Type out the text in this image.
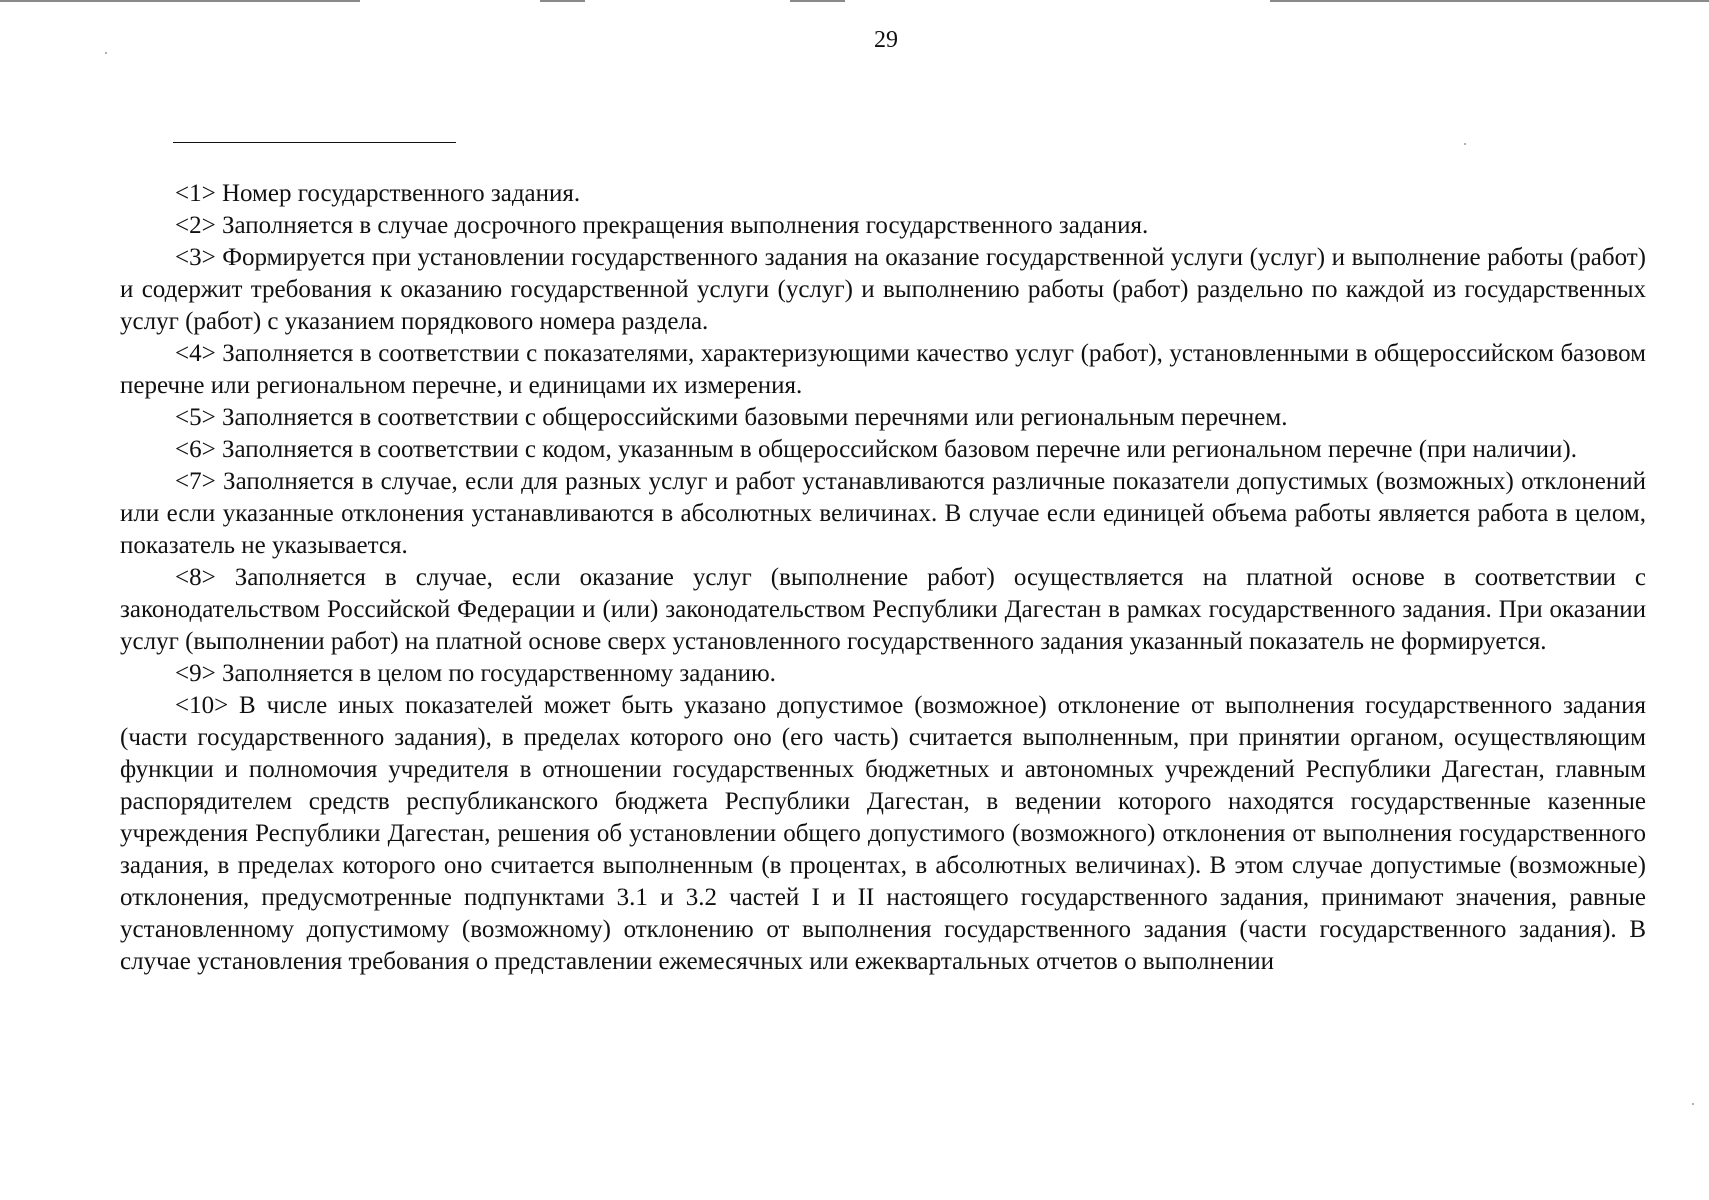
29

<1> Номер государственного задания.

<2> Заполняется в случае досрочного прекращения выполнения государственного задания.

<3> Формируется при установлении государственного задания на оказание государственной услуги (услуг) и выполнение работы (работ) и содержит требования к оказанию государственной услуги (услуг) и выполнению работы (работ) раздельно по каждой из государственных услуг (работ) с указанием порядкового номера раздела.

<4> Заполняется в соответствии с показателями, характеризующими качество услуг (работ), установленными в общероссийском базовом перечне или региональном перечне, и единицами их измерения.

<5> Заполняется в соответствии с общероссийскими базовыми перечнями или региональным перечнем.

<6> Заполняется в соответствии с кодом, указанным в общероссийском базовом перечне или региональном перечне (при наличии).

<7> Заполняется в случае, если для разных услуг и работ устанавливаются различные показатели допустимых (возможных) отклонений или если указанные отклонения устанавливаются в абсолютных величинах. В случае если единицей объема работы является работа в целом, показатель не указывается.

<8> Заполняется в случае, если оказание услуг (выполнение работ) осуществляется на платной основе в соответствии с законодательством Российской Федерации и (или) законодательством Республики Дагестан в рамках государственного задания. При оказании услуг (выполнении работ) на платной основе сверх установленного государственного задания указанный показатель не формируется.

<9> Заполняется в целом по государственному заданию.

<10> В числе иных показателей может быть указано допустимое (возможное) отклонение от выполнения государственного задания (части государственного задания), в пределах которого оно (его часть) считается выполненным, при принятии органом, осуществляющим функции и полномочия учредителя в отношении государственных бюджетных и автономных учреждений Республики Дагестан, главным распорядителем средств республиканского бюджета Республики Дагестан, в ведении которого находятся государственные казенные учреждения Республики Дагестан, решения об установлении общего допустимого (возможного) отклонения от выполнения государственного задания, в пределах которого оно считается выполненным (в процентах, в абсолютных величинах). В этом случае допустимые (возможные) отклонения, предусмотренные подпунктами 3.1 и 3.2 частей I и II настоящего государственного задания, принимают значения, равные установленному допустимому (возможному) отклонению от выполнения государственного задания (части государственного задания). В случае установления требования о представлении ежемесячных или ежеквартальных отчетов о выполнении
